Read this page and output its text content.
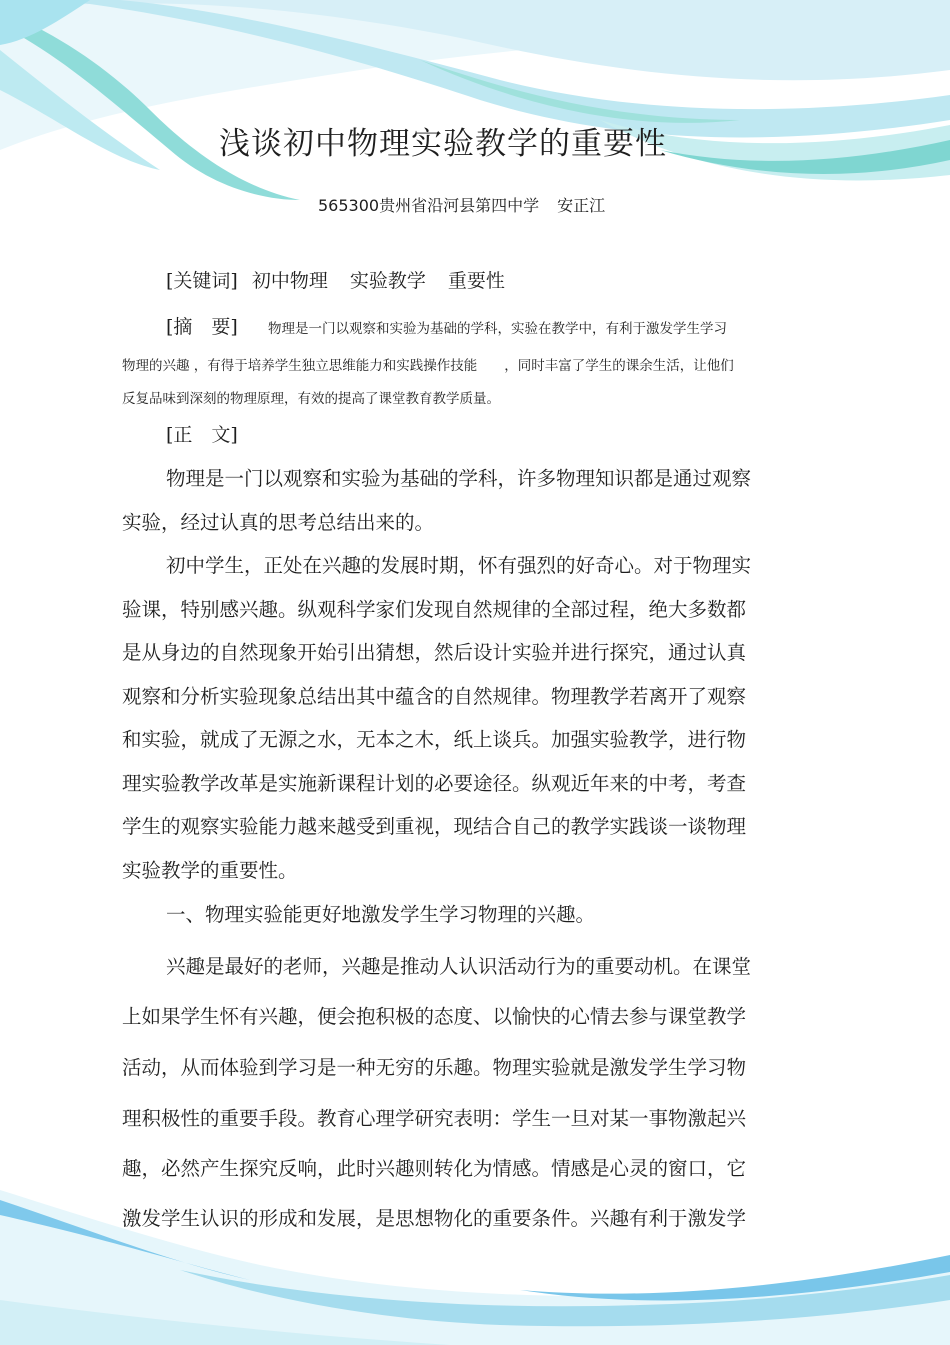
浅谈初中物理实验教学的重要性
565300贵州省沿河县第四中学 安正江
[关键词] 初中物理 实验教学 重要性
[摘　要] 物理是一门以观察和实验为基础的学科，实验在教学中，有利于激发学生学习
物理的兴趣 ，有得于培养学生独立思维能力和实践操作技能　　，同时丰富了学生的课余生活，让他们
反复品味到深刻的物理原理，有效的提高了课堂教育教学质量。
[正　文]
物理是一门以观察和实验为基础的学科，许多物理知识都是通过观察
实验，经过认真的思考总结出来的。
初中学生，正处在兴趣的发展时期，怀有强烈的好奇心。对于物理实
验课，特别感兴趣。纵观科学家们发现自然规律的全部过程，绝大多数都
是从身边的自然现象开始引出猜想，然后设计实验并进行探究，通过认真
观察和分析实验现象总结出其中蕴含的自然规律。物理教学若离开了观察
和实验，就成了无源之水，无本之木，纸上谈兵。加强实验教学，进行物
理实验教学改革是实施新课程计划的必要途径。纵观近年来的中考，考查
学生的观察实验能力越来越受到重视，现结合自己的教学实践谈一谈物理
实验教学的重要性。
一、物理实验能更好地激发学生学习物理的兴趣。
兴趣是最好的老师，兴趣是推动人认识活动行为的重要动机。在课堂
上如果学生怀有兴趣，便会抱积极的态度、以愉快的心情去参与课堂教学
活动，从而体验到学习是一种无穷的乐趣。物理实验就是激发学生学习物
理积极性的重要手段。教育心理学研究表明：学生一旦对某一事物激起兴
趣，必然产生探究反响，此时兴趣则转化为情感。情感是心灵的窗口，它
激发学生认识的形成和发展，是思想物化的重要条件。兴趣有利于激发学
